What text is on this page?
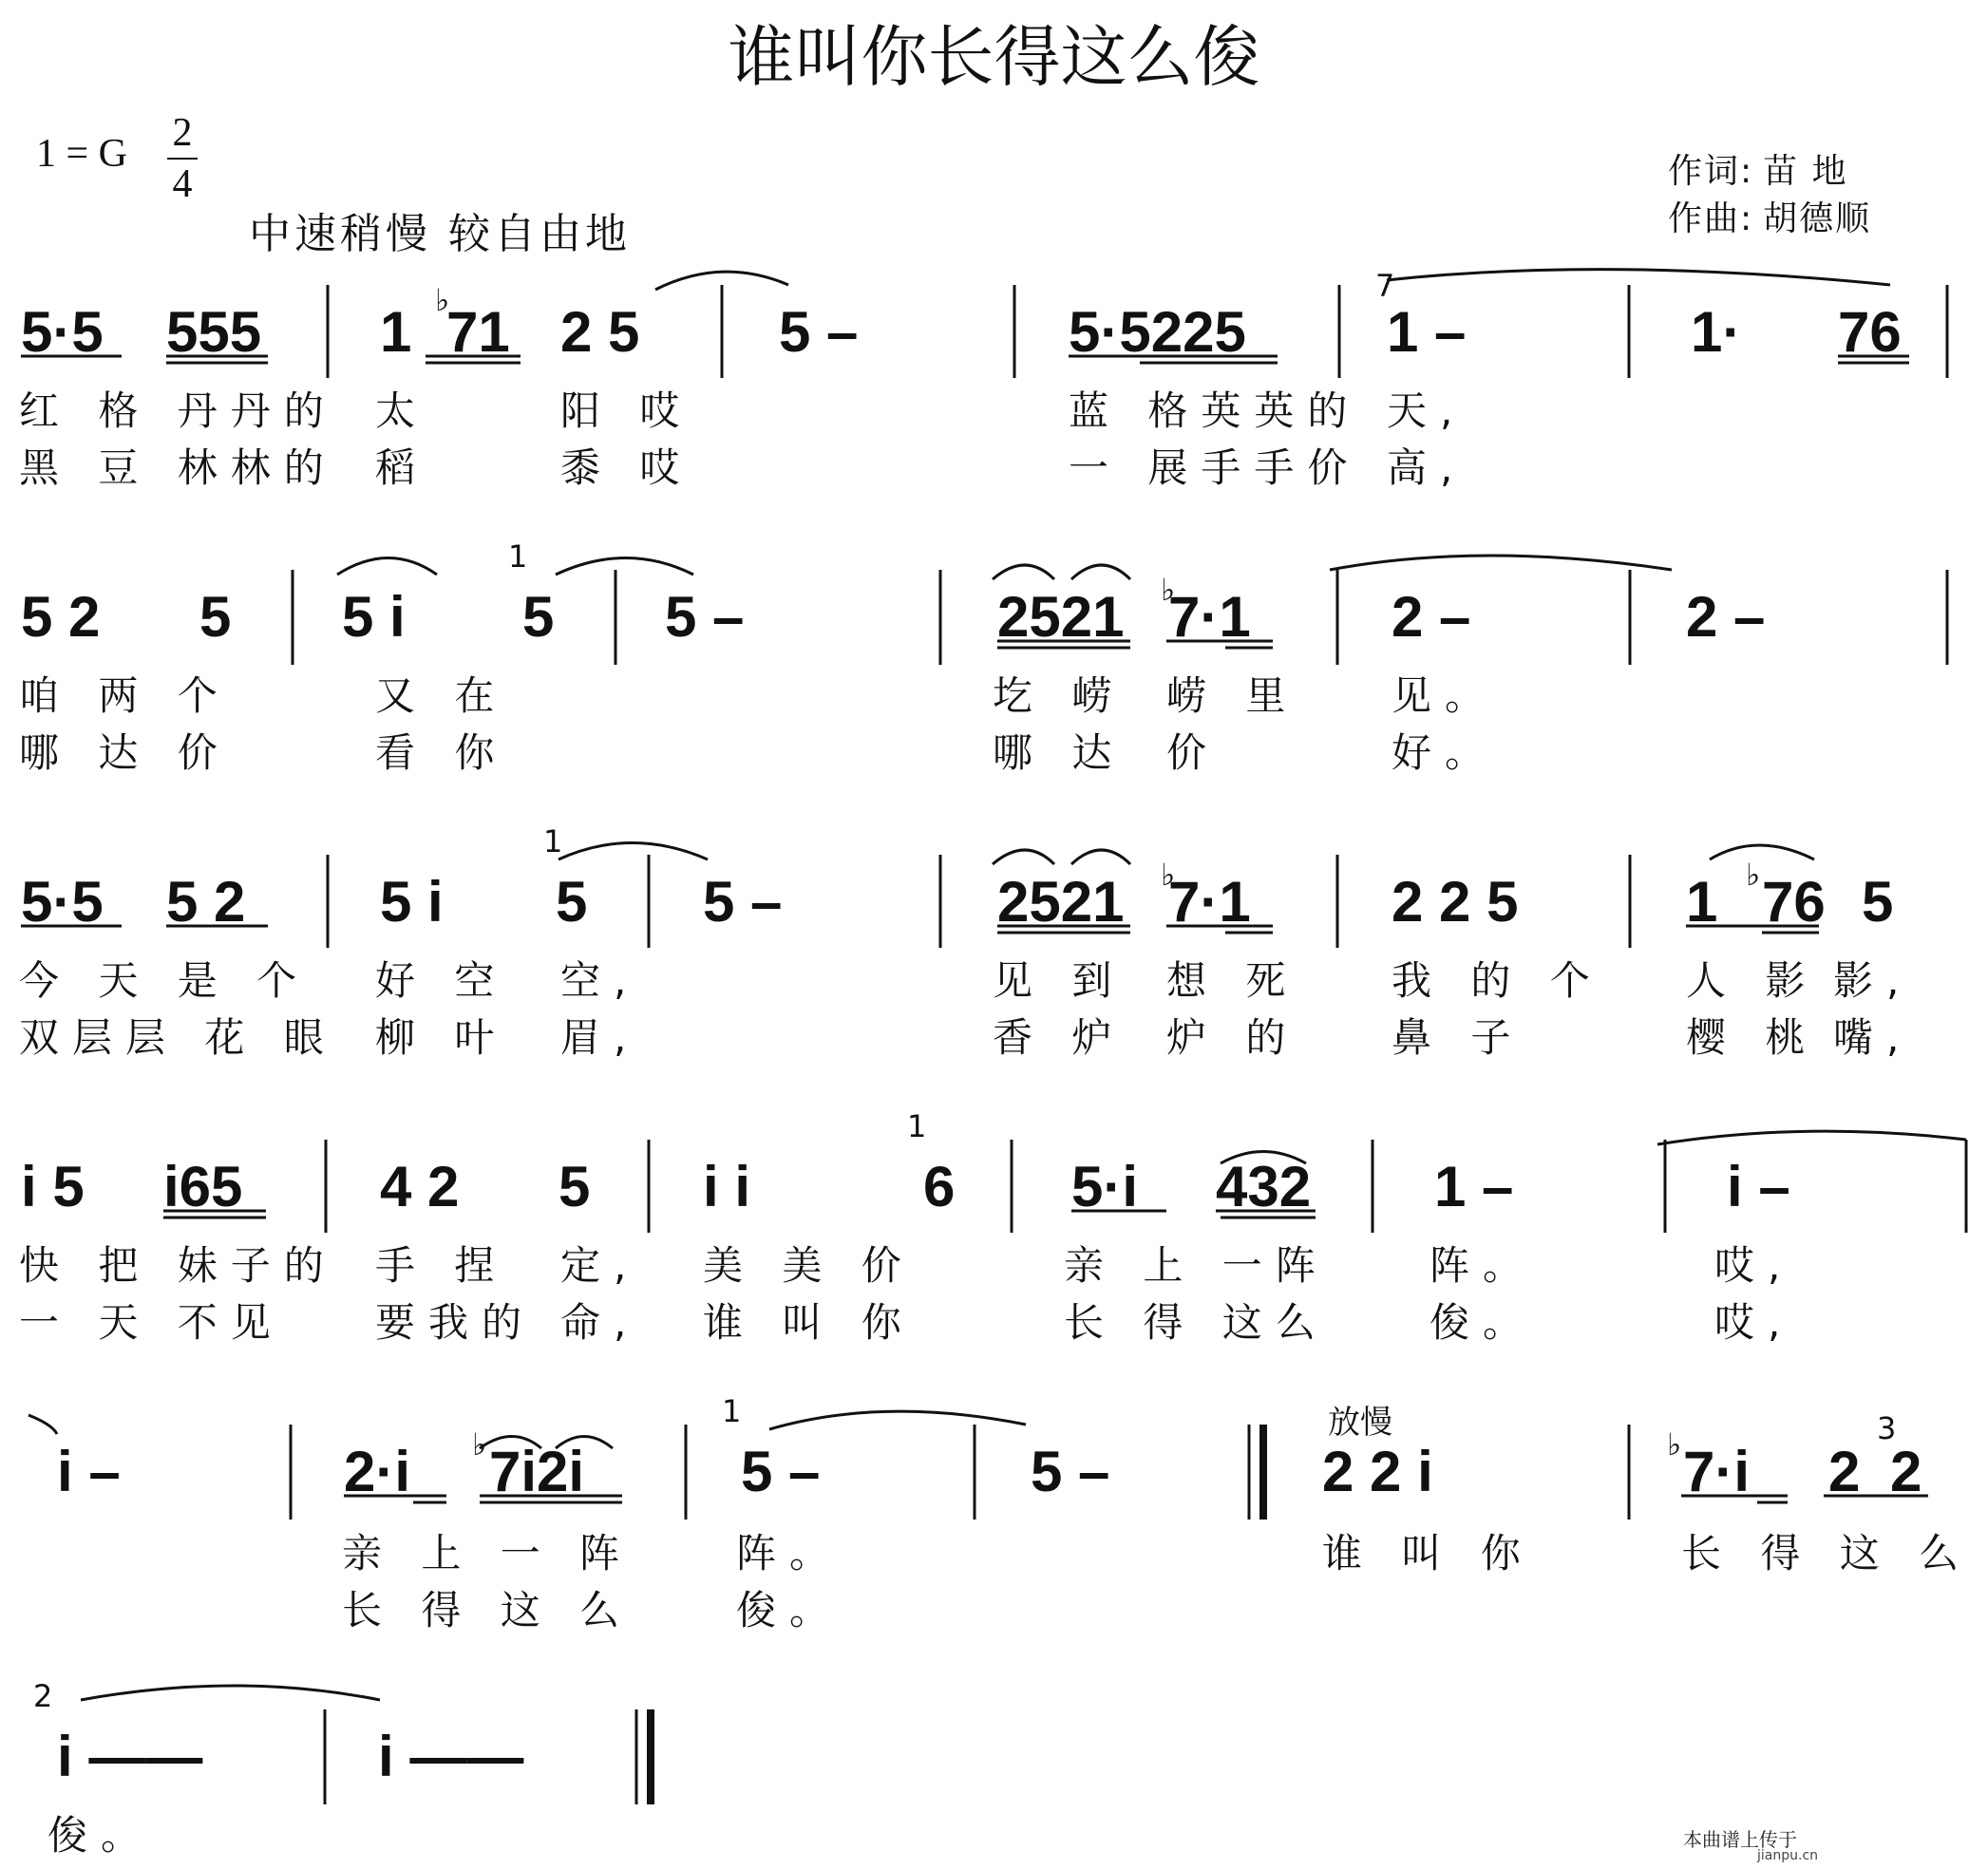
谁叫你长得这么俊
1 = G 2
4
中速稍慢 较自由地
作词: 苗 地
作曲: 胡德顺
5·5 555 1 71 2 5 5 –	5·5225 1 –	1· 76
♭	7
红 格 丹丹的 太	阳 哎	蓝 格英英的 天,
黑 豆 林林的 稻	黍 哎	一 展手手价 高,
5 2 5 5 i 5 5 –	2521 7·1 2 –	2 –
1
♭
咱 两 个	又 在	圪 崂 崂 里 见。
哪 达 价	看 你	哪 达 价	好。
5·5 5 2 5 i 5 5 –	2521 7·1 2 2 5	1 76 5
1
♭	♭
今 天 是 个 好 空 空,	见 到 想 死 我 的 个 人 影 影,
双层层 花 眼 柳 叶 眉,	香 炉 炉 的 鼻 子	樱 桃 嘴,
i 5 i65 4 2 5 i i	6 5·i 432 1 –	i –
1
快 把 妹子的 手 捏 定, 美 美 价	亲 上 一阵	阵。	哎,
一 天 不见 要我的 命, 谁 叫 你	长 得 这么	俊。	哎,
i –	2·i 7i2i	5 –	5 –	2 2 i	7·i 2 2
1
♭	♭	3
放慢
亲 上 一 阵	阵。	谁 叫 你	长 得 这 么
长 得 这 么	俊。
i ——	i ——
2
俊。	本曲谱上传于
jianpu.cn
